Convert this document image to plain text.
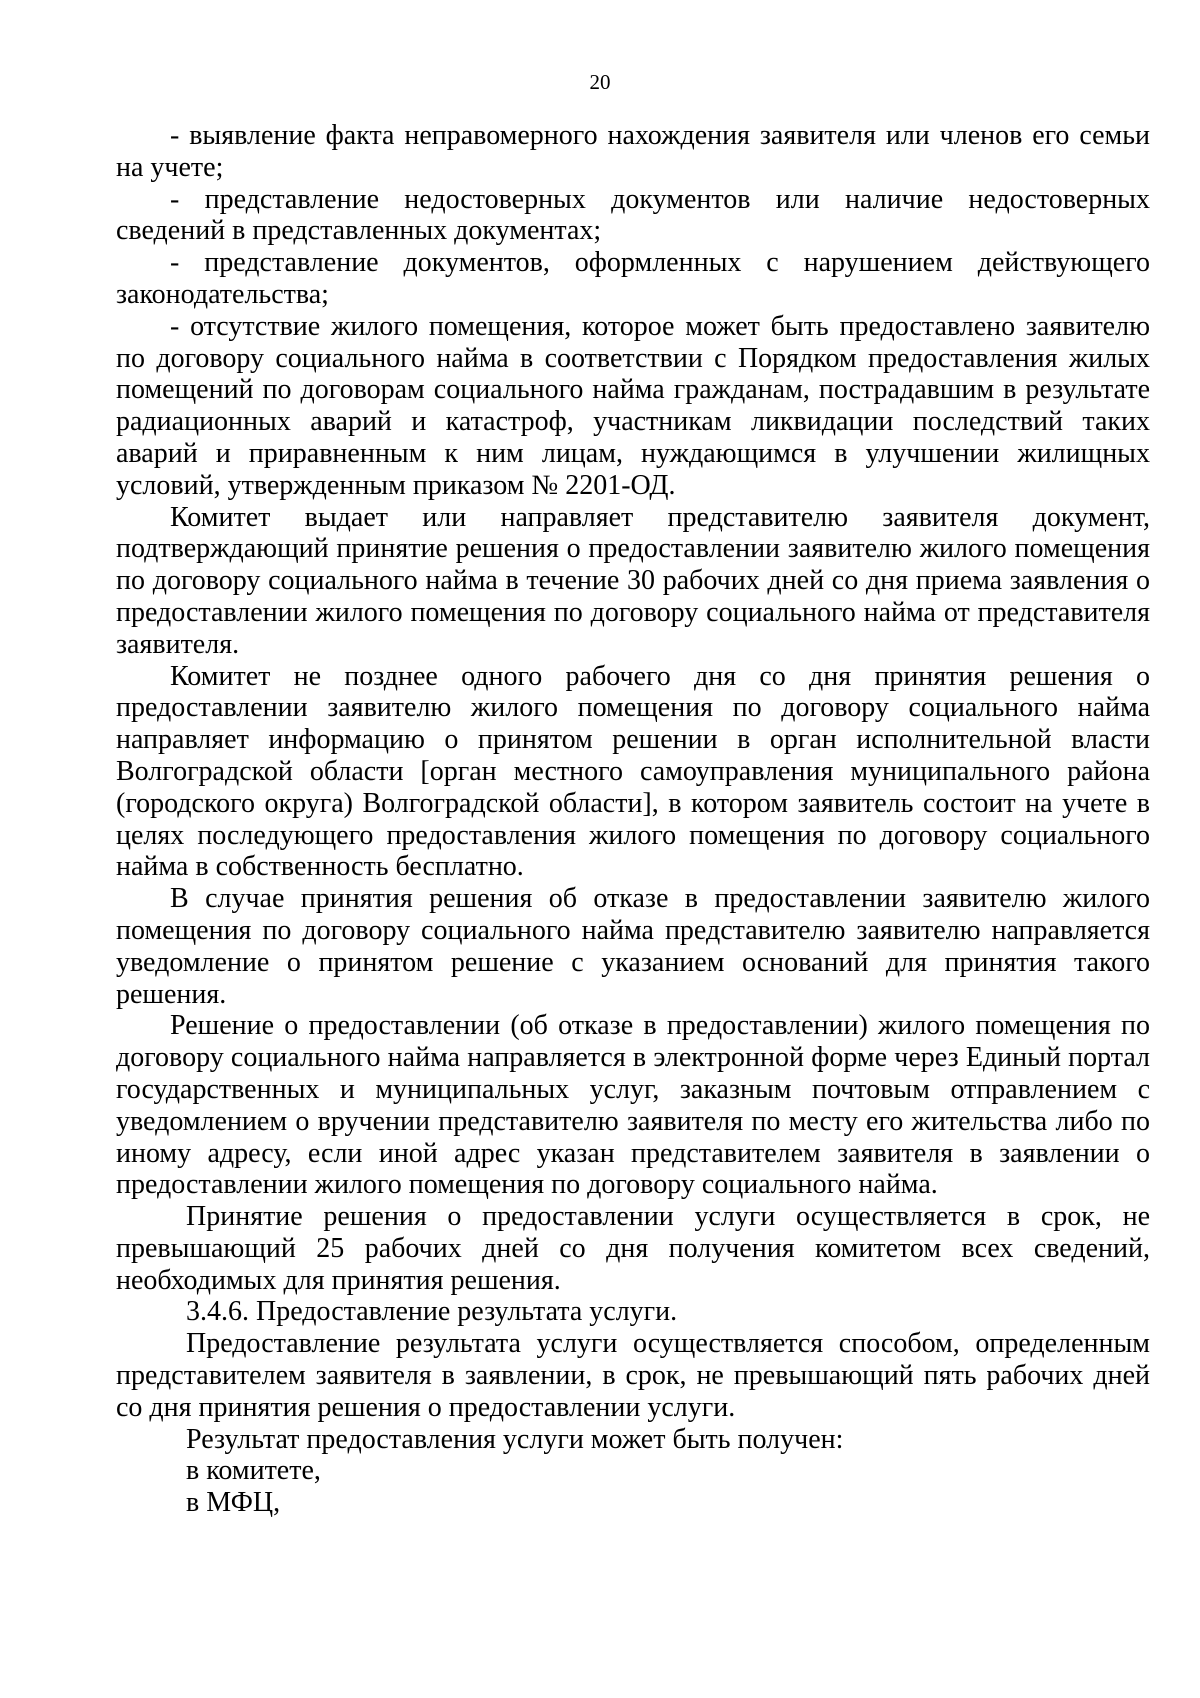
20

- выявление факта неправомерного нахождения заявителя или членов его семьи на учете;

- представление недостоверных документов или наличие недостоверных сведений в представленных документах;

- представление документов, оформленных с нарушением действующего законодательства;

- отсутствие жилого помещения, которое может быть предоставлено заявителю по договору социального найма в соответствии с Порядком предоставления жилых помещений по договорам социального найма гражданам, пострадавшим в результате радиационных аварий и катастроф, участникам ликвидации последствий таких аварий и приравненным к ним лицам, нуждающимся в улучшении жилищных условий, утвержденным приказом № 2201-ОД.

Комитет выдает или направляет представителю заявителя документ, подтверждающий принятие решения о предоставлении заявителю жилого помещения по договору социального найма в течение 30 рабочих дней со дня приема заявления о предоставлении жилого помещения по договору социального найма от представителя заявителя.

Комитет не позднее одного рабочего дня со дня принятия решения о предоставлении заявителю жилого помещения по договору социального найма направляет информацию о принятом решении в орган исполнительной власти Волгоградской области [орган местного самоуправления муниципального района (городского округа) Волгоградской области], в котором заявитель состоит на учете в целях последующего предоставления жилого помещения по договору социального найма в собственность бесплатно.

В случае принятия решения об отказе в предоставлении заявителю жилого помещения по договору социального найма представителю заявителю направляется уведомление о принятом решение с указанием оснований для принятия такого решения.

Решение о предоставлении (об отказе в предоставлении) жилого помещения по договору социального найма направляется в электронной форме через Единый портал государственных и муниципальных услуг, заказным почтовым отправлением с уведомлением о вручении представителю заявителя по месту его жительства либо по иному адресу, если иной адрес указан представителем заявителя в заявлении о предоставлении жилого помещения по договору социального найма.

Принятие решения о предоставлении услуги осуществляется в срок, не превышающий 25 рабочих дней со дня получения комитетом всех сведений, необходимых для принятия решения.

3.4.6. Предоставление результата услуги.

Предоставление результата услуги осуществляется способом, определенным представителем заявителя в заявлении, в срок, не превышающий пять рабочих дней со дня принятия решения о предоставлении услуги.

Результат предоставления услуги может быть получен:

в комитете,

в МФЦ,
